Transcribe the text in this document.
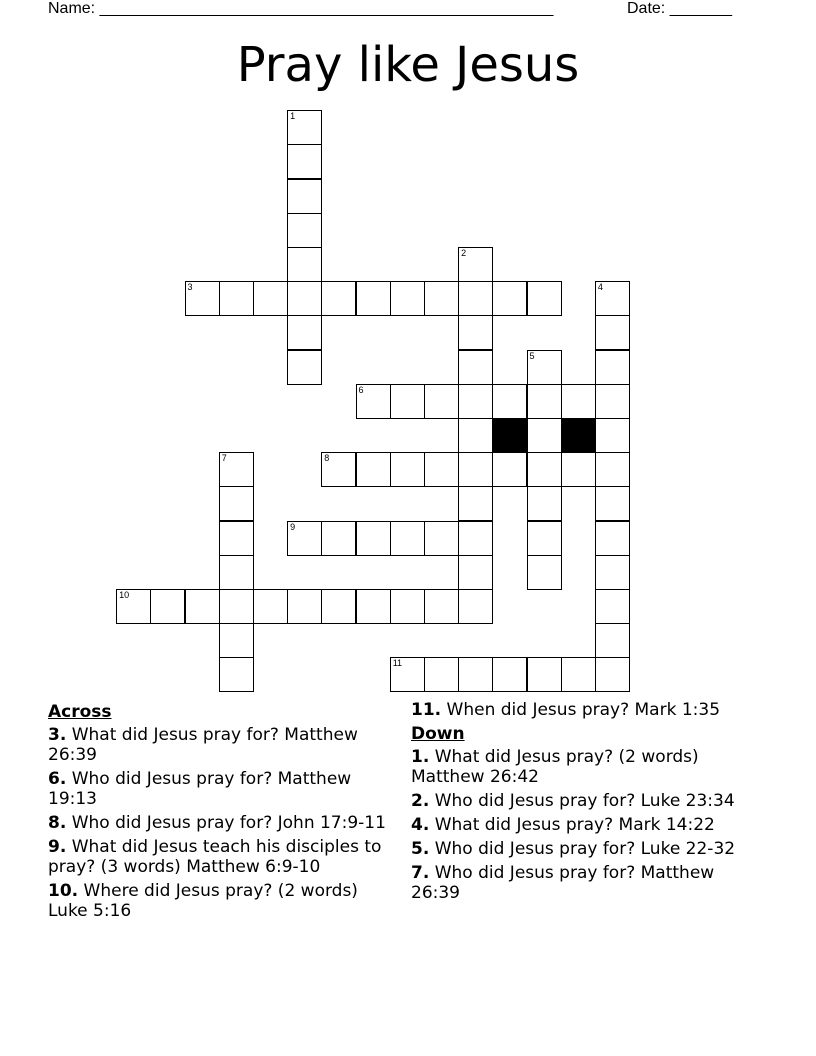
Name: ___________________________________________________	Date: _______
Pray like Jesus
1
3
2
4
5
6
7	8
9
10
11
Across
3. What did Jesus pray for? Matthew 26:39
6. Who did Jesus pray for? Matthew 19:13
8. Who did Jesus pray for? John 17:9-11
9. What did Jesus teach his disciples to pray? (3 words) Matthew 6:9-10
10. Where did Jesus pray? (2 words) Luke 5:16
11. When did Jesus pray? Mark 1:35
Down
1. What did Jesus pray? (2 words) Matthew 26:42
2. Who did Jesus pray for? Luke 23:34
4. What did Jesus pray? Mark 14:22
5. Who did Jesus pray for? Luke 22-32
7. Who did Jesus pray for? Matthew 26:39
